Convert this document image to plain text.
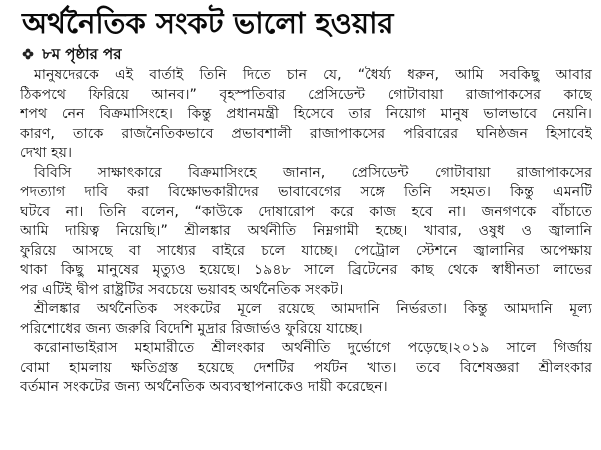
অর্থনৈতিক সংকট ভালো হওয়ার
৮ম পৃষ্ঠার পর
মানুষদেরকে এই বার্তাই তিনি দিতে চান যে, “ধৈর্য্য ধরুন, আমি সবকিছু আবার
ঠিকপথে ফিরিয়ে আনব।” বৃহস্পতিবার প্রেসিডেন্ট গোটাবায়া রাজাপাকসের কাছে
শপথ নেন বিক্রমাসিংহে। কিন্তু প্রধানমন্ত্রী হিসেবে তার নিয়োগ মানুষ ভালভাবে নেয়নি।
কারণ, তাকে রাজনৈতিকভাবে প্রভাবশালী রাজাপাকসের পরিবারের ঘনিষ্ঠজন হিসাবেই
দেখা হয়।
বিবিসি সাক্ষাৎকারে বিক্রমাসিংহে জানান, প্রেসিডেন্ট গোটাবায়া রাজাপাকসের
পদত্যাগ দাবি করা বিক্ষোভকারীদের ভাবাবেগের সঙ্গে তিনি সহমত। কিন্তু এমনটি
ঘটবে না। তিনি বলেন, “কাউকে দোষারোপ করে কাজ হবে না। জনগণকে বাঁচাতে
আমি দায়িত্ব নিয়েছি।” শ্রীলঙ্কার অর্থনীতি নিম্নগামী হচ্ছে। খাবার, ওষুধ ও জ্বালানি
ফুরিয়ে আসছে বা সাধ্যের বাইরে চলে যাচ্ছে। পেট্রোল স্টেশনে জ্বালানির অপেক্ষায়
থাকা কিছু মানুষের মৃত্যুও হয়েছে। ১৯৪৮ সালে ব্রিটেনের কাছ থেকে স্বাধীনতা লাভের
পর এটিই দ্বীপ রাষ্ট্রটির সবচেয়ে ভয়াবহ অর্থনৈতিক সংকট।
শ্রীলঙ্কার অর্থনৈতিক সংকটের মূলে রয়েছে আমদানি নির্ভরতা। কিন্তু আমদানি মূল্য
পরিশোধের জন্য জরুরি বিদেশি মুদ্রার রিজার্ভও ফুরিয়ে যাচ্ছে।
করোনাভাইরাস মহামারীতে শ্রীলংকার অর্থনীতি দুর্ভোগে পড়েছে।২০১৯ সালে গির্জায়
বোমা হামলায় ক্ষতিগ্রস্ত হয়েছে দেশটির পর্যটন খাত। তবে বিশেষজ্ঞরা শ্রীলংকার
বর্তমান সংকটের জন্য অর্থনৈতিক অব্যবস্থাপনাকেও দায়ী করেছেন।
